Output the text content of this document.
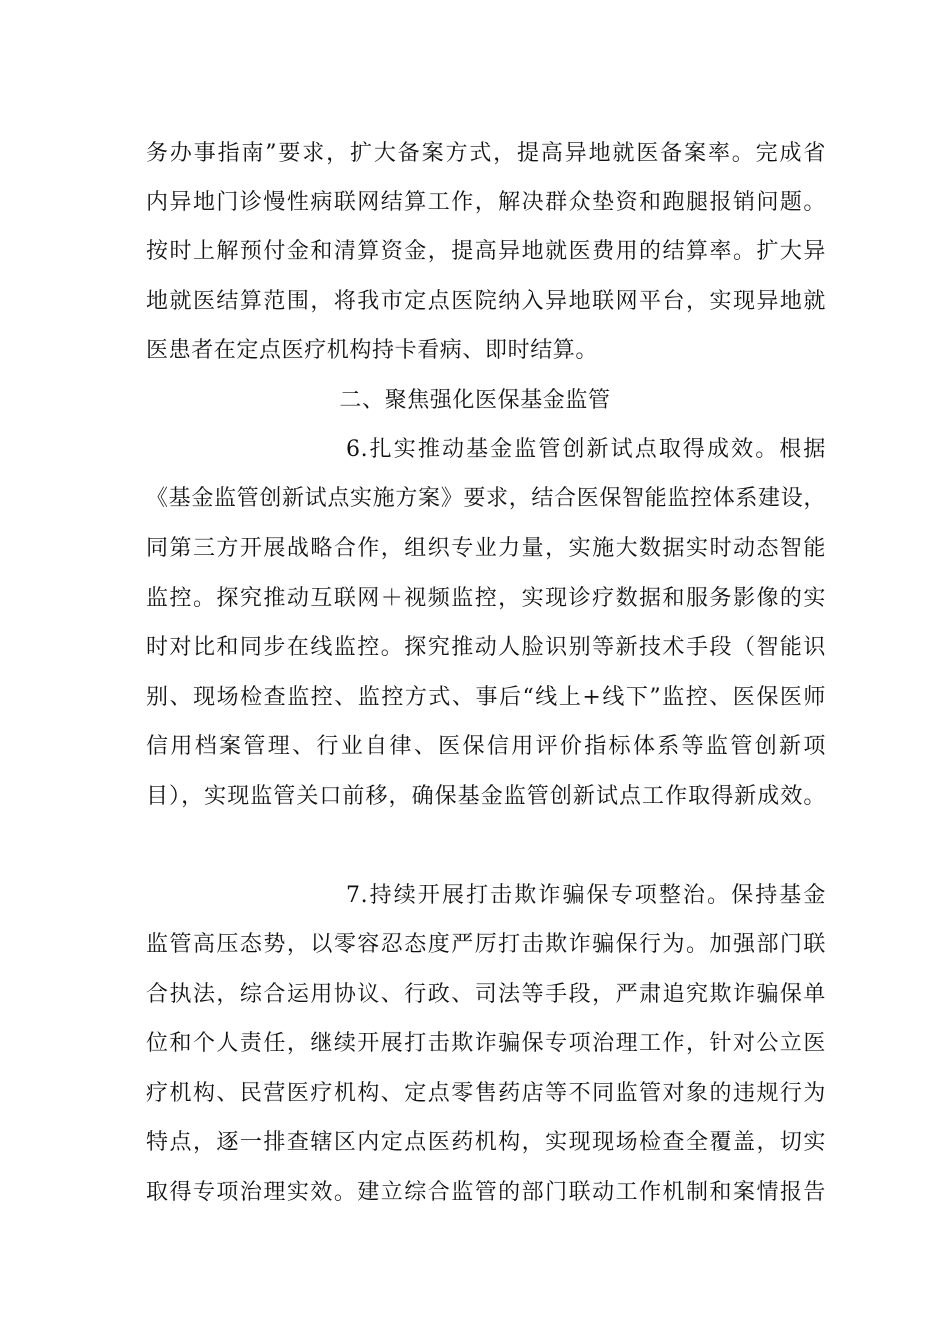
务办事指南”要求，扩大备案方式，提高异地就医备案率。完成省
内异地门诊慢性病联网结算工作，解决群众垫资和跑腿报销问题。
按时上解预付金和清算资金，提高异地就医费用的结算率。扩大异
地就医结算范围，将我市定点医院纳入异地联网平台，实现异地就
医患者在定点医疗机构持卡看病、即时结算。
二、聚焦强化医保基金监管
6.扎实推动基金监管创新试点取得成效。根据
《基金监管创新试点实施方案》要求，结合医保智能监控体系建设，
同第三方开展战略合作，组织专业力量，实施大数据实时动态智能
监控。探究推动互联网＋视频监控，实现诊疗数据和服务影像的实
时对比和同步在线监控。探究推动人脸识别等新技术手段（智能识
别、现场检查监控、监控方式、事后“线上+线下”监控、医保医师
信用档案管理、行业自律、医保信用评价指标体系等监管创新项
目），实现监管关口前移，确保基金监管创新试点工作取得新成效。
7.持续开展打击欺诈骗保专项整治。保持基金
监管高压态势，以零容忍态度严厉打击欺诈骗保行为。加强部门联
合执法，综合运用协议、行政、司法等手段，严肃追究欺诈骗保单
位和个人责任，继续开展打击欺诈骗保专项治理工作，针对公立医
疗机构、民营医疗机构、定点零售药店等不同监管对象的违规行为
特点，逐一排查辖区内定点医药机构，实现现场检查全覆盖，切实
取得专项治理实效。建立综合监管的部门联动工作机制和案情报告
